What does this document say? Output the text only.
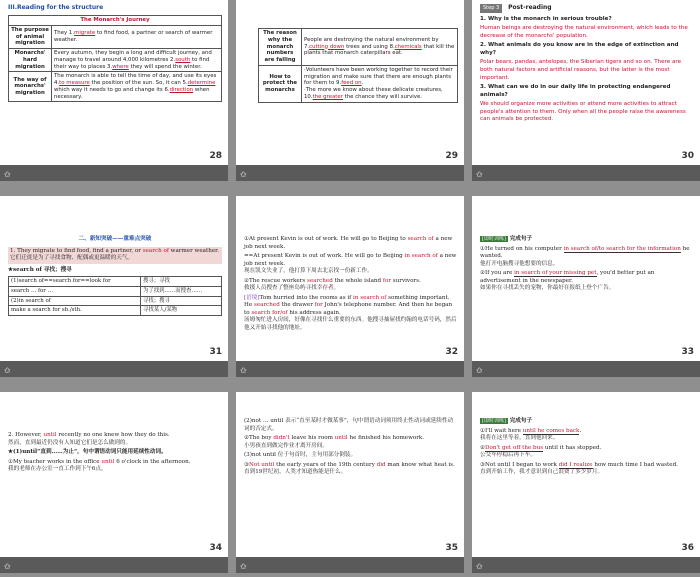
III.Reading for the structure
The Monarch's Journey	
The purpose of animal migration	They 1.migrate to find food, a partner or search of warmer weather.
Monarchs' hard migration	Every autumn, they begin a long and difficult journey, and manage to travel around 4,000 kilometres 2.south to find their way to places 3.where they will spend the winter.
The way of monarchs' migration	The monarch is able to tell the time of day, and use its eyes 4.to measure the position of the sun. So, it can 5.determine which way it needs to go and change its 6.direction when necessary.
✩
28
The reason why the monarch numbers are falling	People are destroying the natural environment by 7.cutting down trees and using 8.chemicals that kill the plants that monarch caterpillars eat.
How to protect the monarchs	·Volunteers have been working together to record their migration and make sure that there are enough plants for them to 9.feed on.
·The more we know about these delicate creatures, 10.the greater the chance they will survive.
✩
29
Step 3	Post-reading

1. Why is the monarch in serious trouble?

Human beings are destroying the natural environment, which leads to the decrease of the monarchs' population.

2. What animals do you know are in the edge of extinction and why?

Polar bears, pandas, antelopes, the Siberian tigers and so on. There are both natural factors and artificial reasons, but the latter is the most important.

3. What can we do in our daily life in protecting endangered animals?

We should organize more activities or attend more activities to attract people's attention to them. Only when all the people raise the awareness can animals be protected.

✩
30
二、新知突破——重难点突破
1. They migrate to find food, find a partner, or search of warmer weather.
它们迁徙是为了寻找食物、配偶或更温暖的天气。

★search of 寻找；搜寻

(1)search of==search for==look for	搜寻；寻找
search … for …	为了找到……而搜查……
(2)in search of	寻找；搜寻
make a search for sb./sth.	寻找某人/某物
✩
31

①At present Kevin is out of work. He will go to Beijing to search of a new job next week.

==At present Kevin is out of work. He will go to Beijing in search of a new job next week.
现在凯文失业了，他打算下周去北京找一份新工作。

②The rescue workers searched the whole island for survivors.
救援人员搜查了整座岛屿寻找幸存者。

[语境]Tom hurried into the rooms as if in search of something important. He searched the drawer for John's telephone number. And then he began to search for/of his address again.
汤姆匆忙进入房间，好像在寻找什么重要的东西。他搜寻抽屉找约翰的电话号码，然后他又开始寻找他的地址。

✩
32

[即时训练] 完成句子

①He turned on his computer in search of/to search for the information he wanted.
他打开电脑搜寻他想要的信息。

②If you are in search of your missing pet, you'd better put an advertisement in the newspaper.
如果你在寻找丢失的宠物，你最好在报纸上登个广告。

✩
33

2. However, until recently no one knew how they do this.
然而，直到最近仍没有人知道它们是怎么做到的。

★(1)until“直到……为止”，句中谓语动词只能用延续性动词。

①My teacher works in the office until 6 o'clock in the afternoon.
我的老师在办公室一直工作到下午6点。

✩
34

(2)not … until 表示“直至某时才做某事”，句中谓语动词须用终止性动词或延续性动词的否定式。

②The boy didn't leave his room until he finished his homework.
小男孩直到做完作业才离开房间。

(3)not until 位于句首时，主句用部分倒装。

③Not until the early years of the 19th century did man know what heat is.
直到19世纪初，人类才知道热能是什么。

✩
35

[即时训练] 完成句子

①I'll wait here until he comes back.
我将在这里等着，直到他回来。

②Don't get off the bus until it has stopped.
公交车停稳后再下车。

③Not until I began to work did I realize how much time I had wasted.
直到开始工作，我才意识到自己浪费了多少岁月。

✩
36
